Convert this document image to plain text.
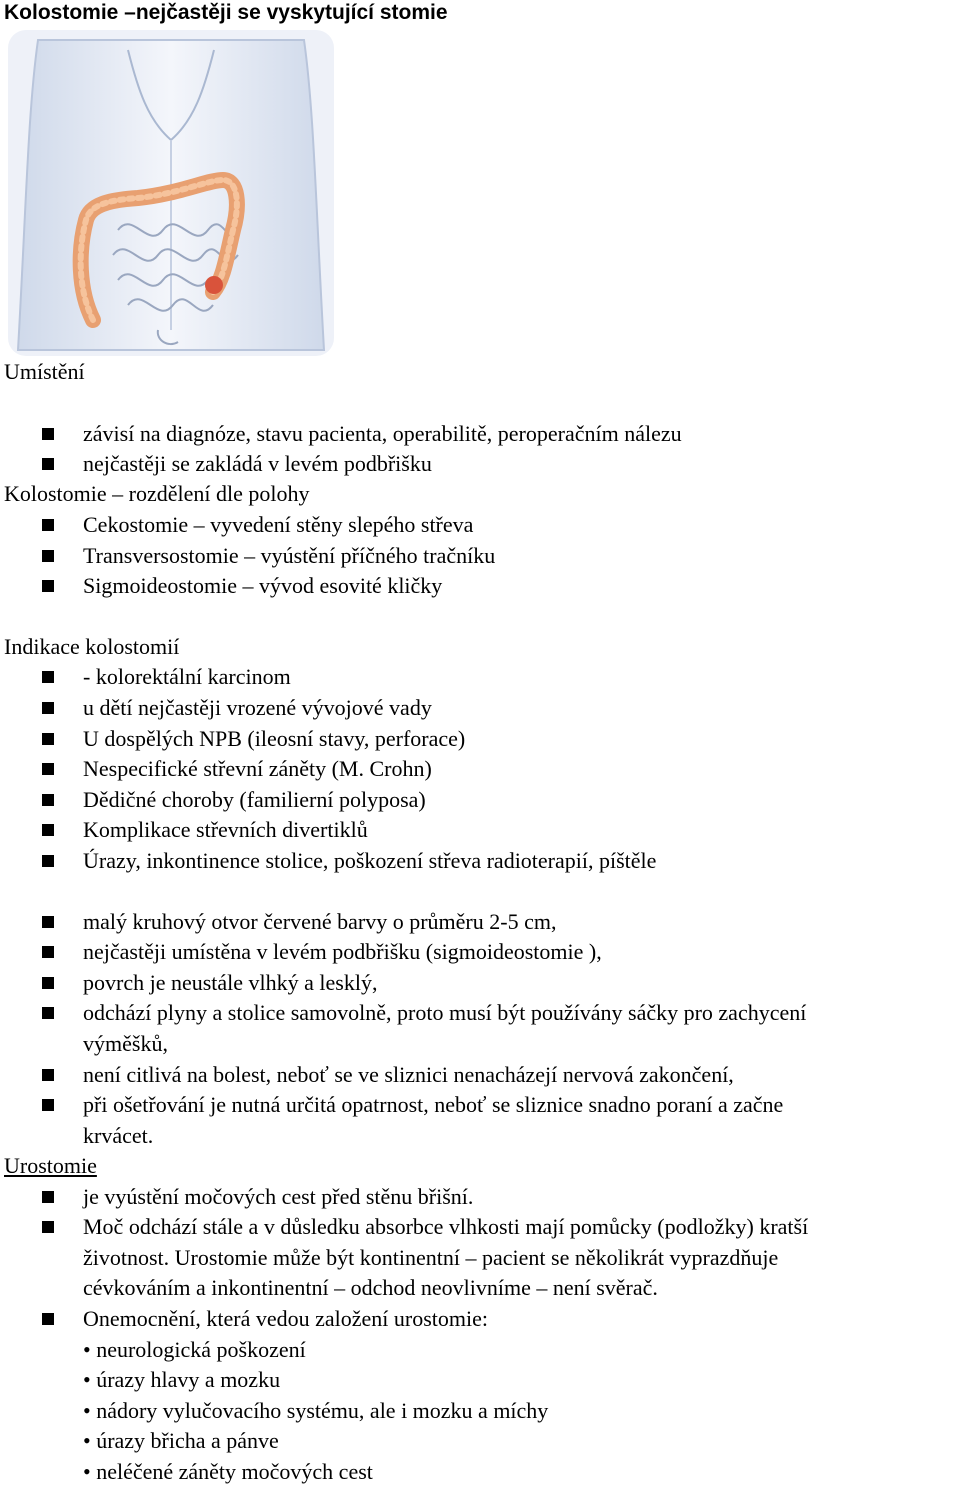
Kolostomie –nejčastěji se vyskytující stomie
Umístění
závisí na diagnóze, stavu pacienta, operabilitě, peroperačním nálezu
nejčastěji se zakládá v levém podbřišku
Kolostomie – rozdělení dle polohy
Cekostomie – vyvedení stěny slepého střeva
Transversostomie – vyústění příčného tračníku
Sigmoideostomie – vývod esovité kličky
Indikace kolostomií
- kolorektální karcinom
u dětí nejčastěji vrozené vývojové vady
U dospělých NPB (ileosní stavy, perforace)
Nespecifické střevní záněty (M. Crohn)
Dědičné choroby (familierní polyposa)
Komplikace střevních divertiklů
Úrazy, inkontinence stolice, poškození střeva radioterapií, píštěle
malý kruhový otvor červené barvy o průměru 2-5 cm,
nejčastěji umístěna v levém podbřišku (sigmoideostomie ),
povrch je neustále vlhký a lesklý,
odchází plyny a stolice samovolně, proto musí být používány sáčky pro zachycení
výměšků,
není citlivá na bolest, neboť se ve sliznici nenacházejí nervová zakončení,
při ošetřování je nutná určitá opatrnost, neboť se sliznice snadno poraní a začne
krvácet.
Urostomie
je vyústění močových cest před stěnu břišní.
Moč odchází stále a v důsledku absorbce vlhkosti mají pomůcky (podložky) kratší
životnost. Urostomie může být kontinentní – pacient se několikrát vyprazdňuje
cévkováním a inkontinentní – odchod neovlivníme – není svěrač.
Onemocnění, která vedou založení urostomie:
• neurologická poškození
• úrazy hlavy a mozku
• nádory vylučovacího systému, ale i mozku a míchy
• úrazy břicha a pánve
• neléčené záněty močových cest
